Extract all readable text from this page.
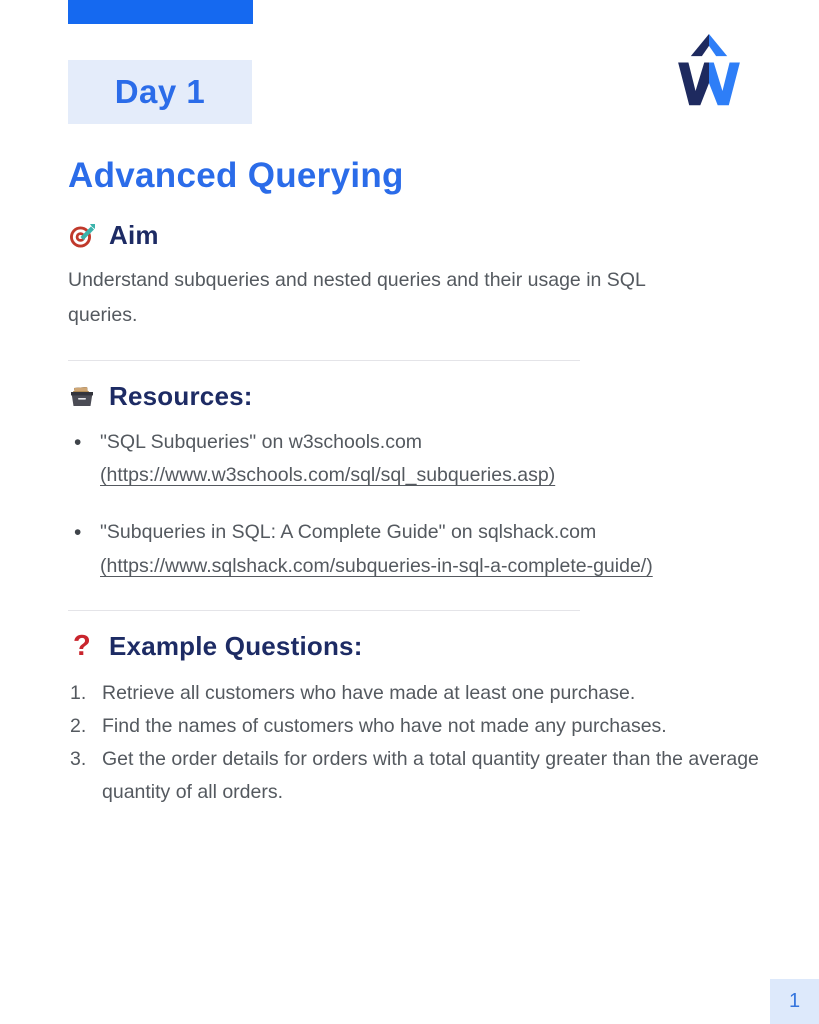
Day 1
Advanced Querying
Aim

Understand subqueries and nested queries and their usage in SQL queries.

Resources:
• "SQL Subqueries" on w3schools.com (https://www.w3schools.com/sql/sql_subqueries.asp)
• "Subqueries in SQL: A Complete Guide" on sqlshack.com (https://www.sqlshack.com/subqueries-in-sql-a-complete-guide/)
? Example Questions:
1. Retrieve all customers who have made at least one purchase.
2. Find the names of customers who have not made any purchases.
3. Get the order details for orders with a total quantity greater than the average quantity of all orders.
1
